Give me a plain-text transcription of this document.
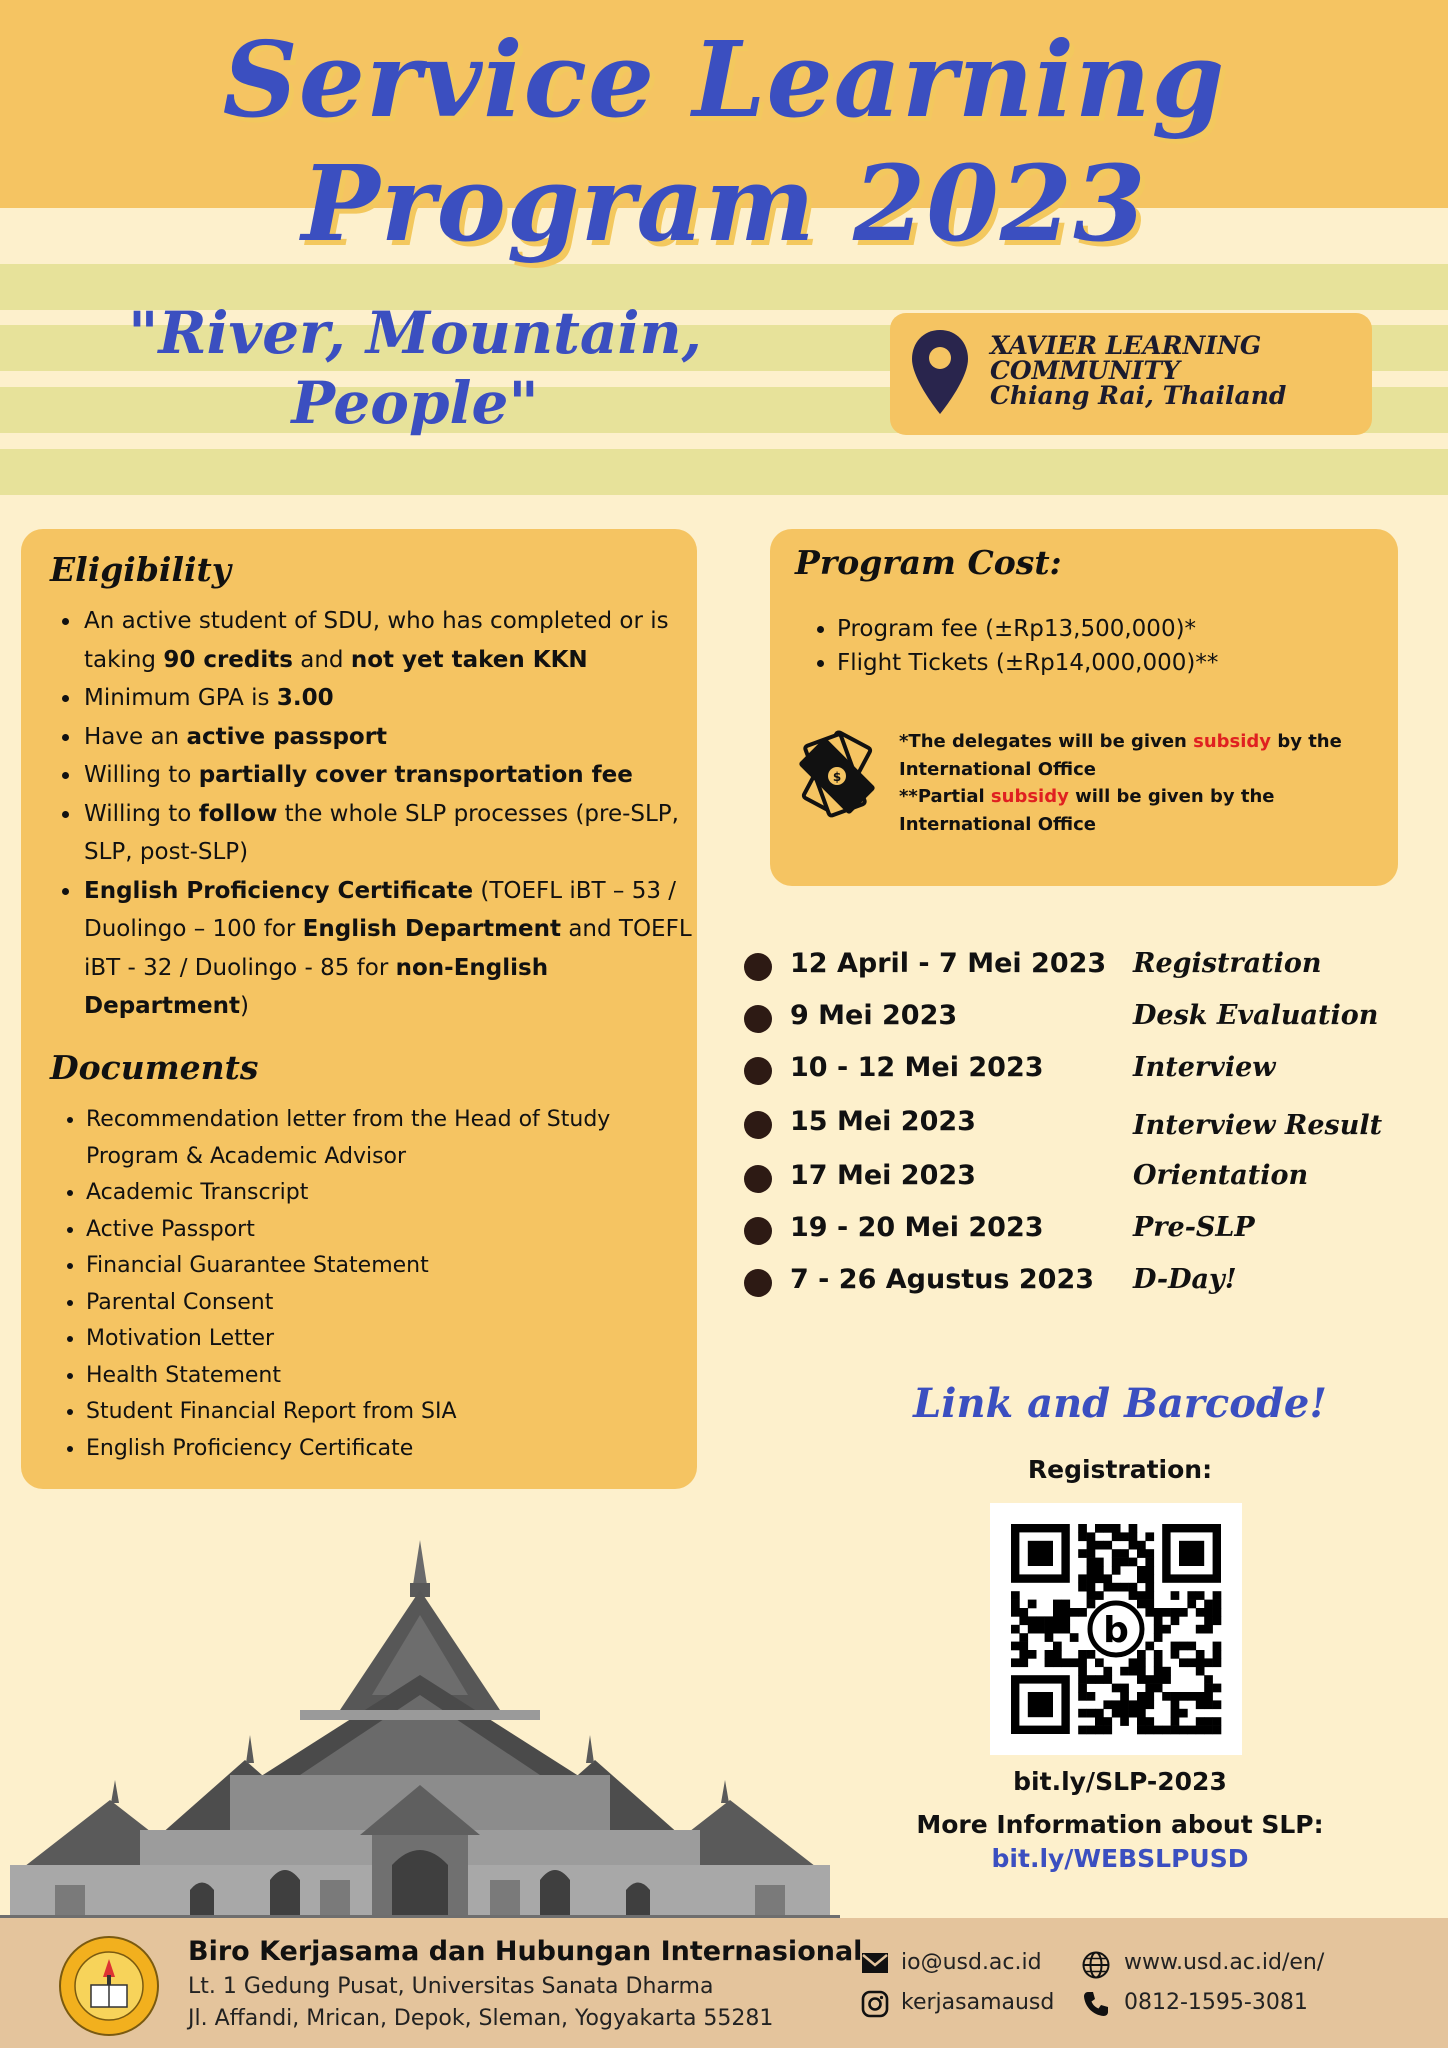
Service Learning
Program 2023
"River, Mountain,
People"
XAVIER LEARNING
COMMUNITY
Chiang Rai, Thailand
Eligibility
• An active student of SDU, who has completed or is taking 90 credits and not yet taken KKN
• Minimum GPA is 3.00
• Have an active passport
• Willing to partially cover transportation fee
• Willing to follow the whole SLP processes (pre-SLP, SLP, post-SLP)
• English Proficiency Certificate (TOEFL iBT – 53 / Duolingo – 100 for English Department and TOEFL iBT - 32 / Duolingo - 85 for non-English Department)
Documents
• Recommendation letter from the Head of Study Program & Academic Advisor
• Academic Transcript
• Active Passport
• Financial Guarantee Statement
• Parental Consent
• Motivation Letter
• Health Statement
• Student Financial Report from SIA
• English Proficiency Certificate
Program Cost:
• Program fee (±Rp13,500,000)*
• Flight Tickets (±Rp14,000,000)**
$
*The delegates will be given subsidy by the International Office
**Partial subsidy will be given by the International Office
12 April - 7 Mei 2023 Registration
9 Mei 2023	Desk Evaluation
10 - 12 Mei 2023	Interview
15 Mei 2023	Interview Result
17 Mei 2023	Orientation
19 - 20 Mei 2023	Pre-SLP
7 - 26 Agustus 2023 D-Day!
Link and Barcode!
Registration:
b
bit.ly/SLP-2023
More Information about SLP:
bit.ly/WEBSLPUSD
Biro Kerjasama dan Hubungan Internasional
Lt. 1 Gedung Pusat, Universitas Sanata Dharma
Jl. Affandi, Mrican, Depok, Sleman, Yogyakarta 55281
io@usd.ac.id
kerjasamausd
www.usd.ac.id/en/
0812-1595-3081
